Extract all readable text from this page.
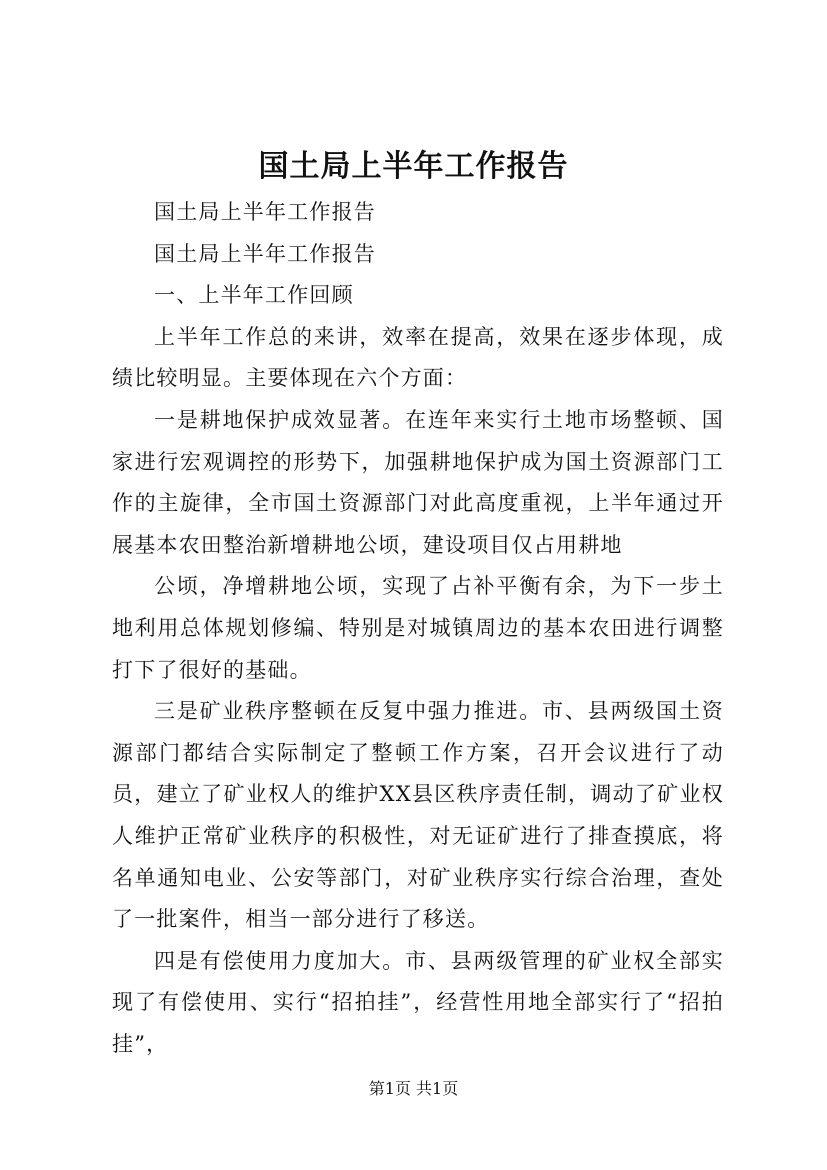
国土局上半年工作报告

国土局上半年工作报告

国土局上半年工作报告

一、上半年工作回顾

上半年工作总的来讲，效率在提高，效果在逐步体现，成绩比较明显。主要体现在六个方面：

一是耕地保护成效显著。在连年来实行土地市场整顿、国家进行宏观调控的形势下，加强耕地保护成为国土资源部门工作的主旋律，全市国土资源部门对此高度重视，上半年通过开展基本农田整治新增耕地公顷，建设项目仅占用耕地

公顷，净增耕地公顷，实现了占补平衡有余，为下一步土地利用总体规划修编、特别是对城镇周边的基本农田进行调整打下了很好的基础。

三是矿业秩序整顿在反复中强力推进。市、县两级国土资源部门都结合实际制定了整顿工作方案，召开会议进行了动员，建立了矿业权人的维护XX县区秩序责任制，调动了矿业权人维护正常矿业秩序的积极性，对无证矿进行了排查摸底，将名单通知电业、公安等部门，对矿业秩序实行综合治理，查处了一批案件，相当一部分进行了移送。

四是有偿使用力度加大。市、县两级管理的矿业权全部实现了有偿使用、实行“招拍挂”，经营性用地全部实行了“招拍挂”，

第1页 共1页
